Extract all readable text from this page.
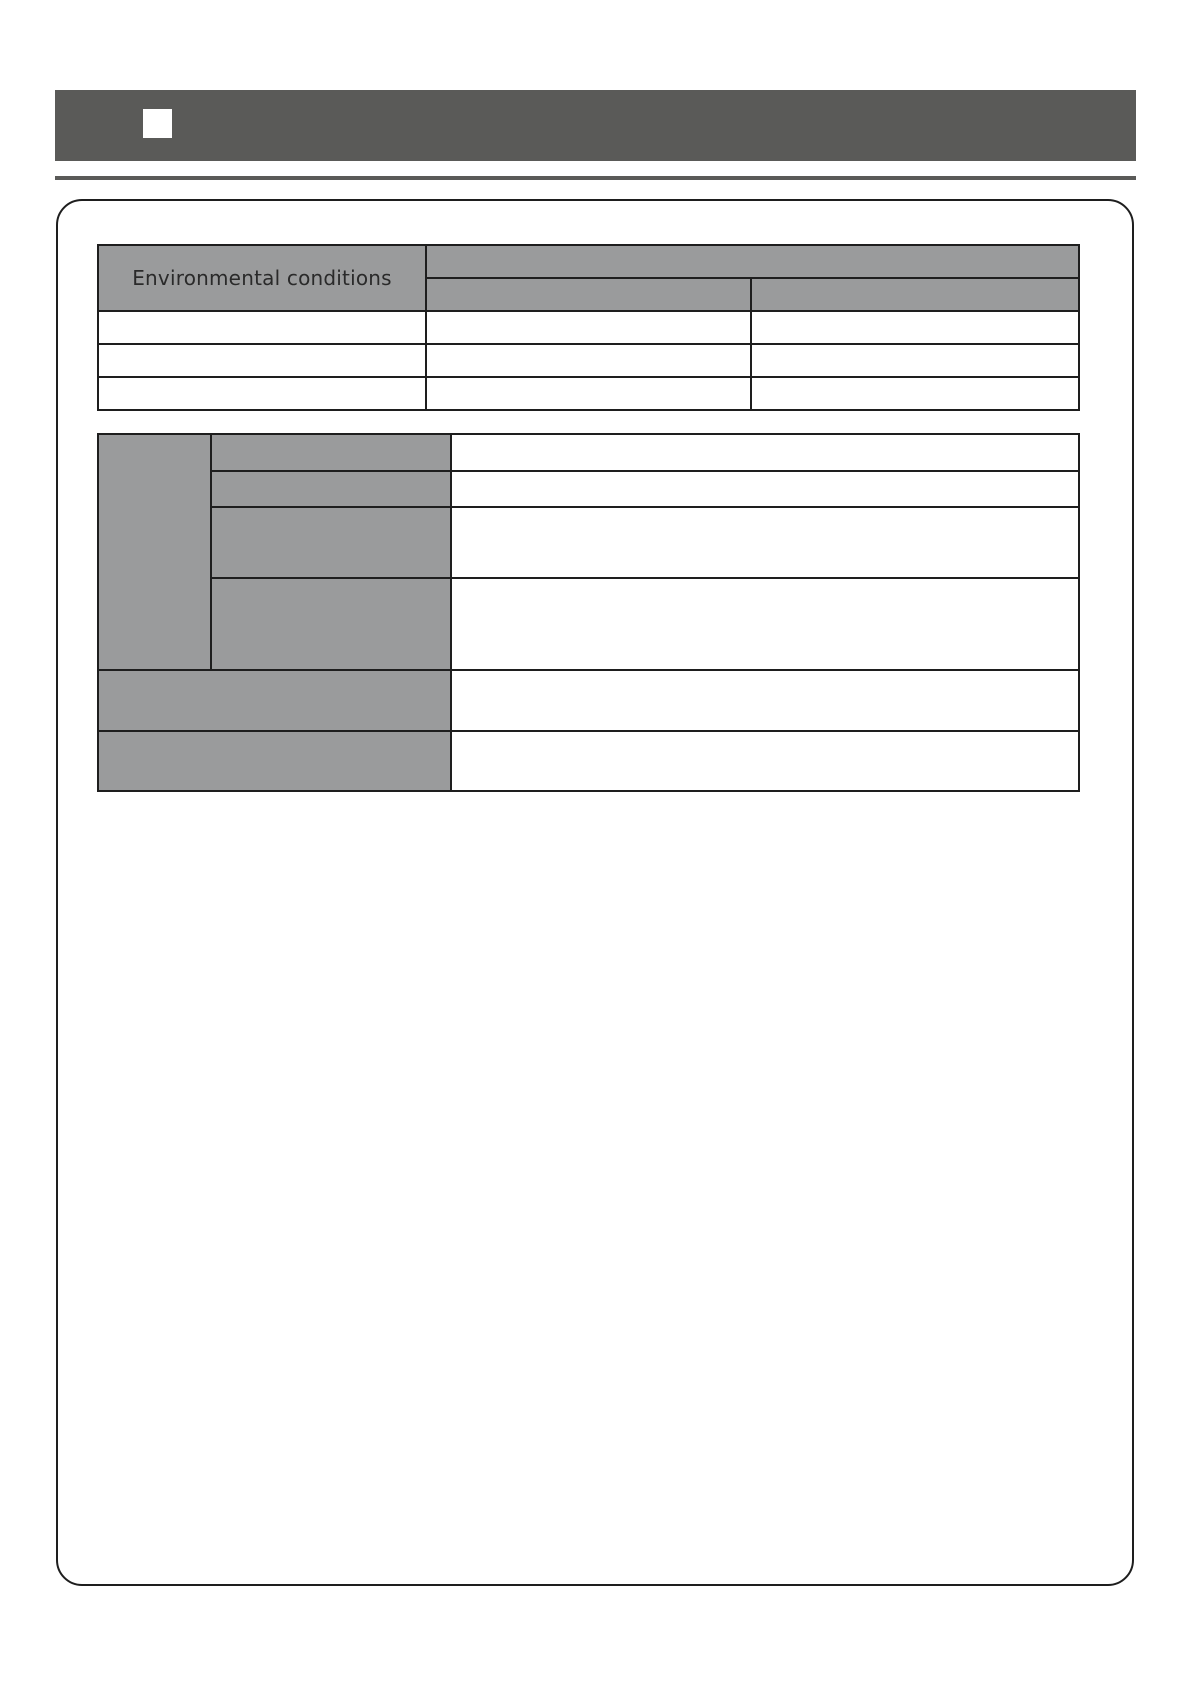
Environmental conditions		
